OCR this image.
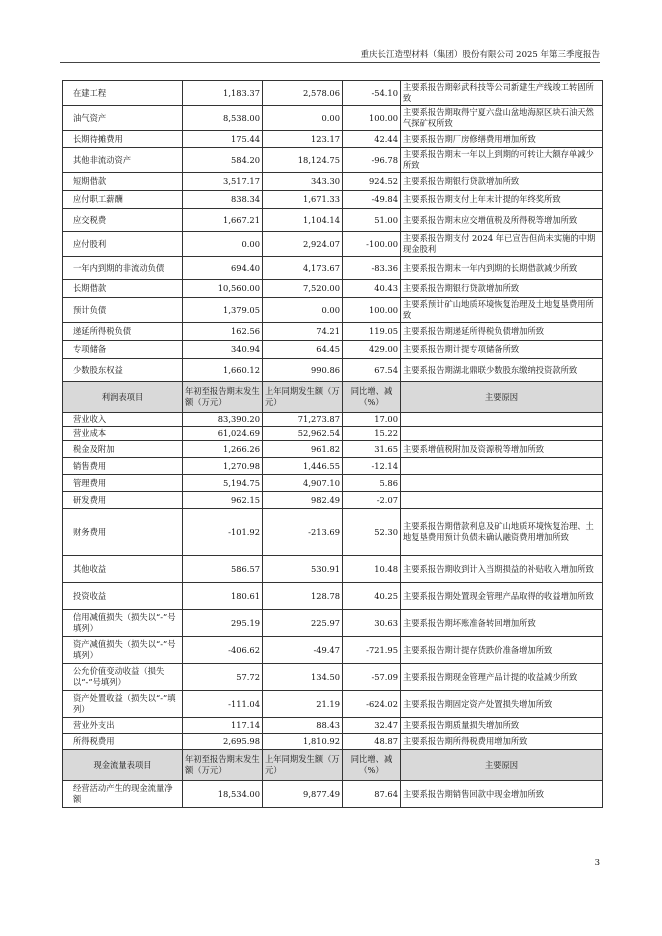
重庆长江造型材料（集团）股份有限公司 2025 年第三季度报告
在建工程	1,183.37	2,578.06	-54.10	主要系报告期彰武科技等公司新建生产线竣工转固所致
油气资产	8,538.00	0.00	100.00	主要系报告期取得宁夏六盘山盆地海原区块石油天然气探矿权所致
长期待摊费用	175.44	123.17	42.44	主要系报告期厂房修缮费用增加所致
其他非流动资产	584.20	18,124.75	-96.78	主要系报告期末一年以上到期的可转让大额存单减少所致
短期借款	3,517.17	343.30	924.52	主要系报告期银行贷款增加所致
应付职工薪酬	838.34	1,671.33	-49.84	主要系报告期支付上年末计提的年终奖所致
应交税费	1,667.21	1,104.14	51.00	主要系报告期末应交增值税及所得税等增加所致
应付股利	0.00	2,924.07	-100.00	主要系报告期支付 2024 年已宣告但尚未实施的中期现金股利
一年内到期的非流动负债	694.40	4,173.67	-83.36	主要系报告期末一年内到期的长期借款减少所致
长期借款	10,560.00	7,520.00	40.43	主要系报告期银行贷款增加所致
预计负债	1,379.05	0.00	100.00	主要系预计矿山地质环境恢复治理及土地复垦费用所致
递延所得税负债	162.56	74.21	119.05	主要系报告期递延所得税负债增加所致
专项储备	340.94	64.45	429.00	主要系报告期计提专项储备所致
少数股东权益	1,660.12	990.86	67.54	主要系报告期湖北鼎联少数股东缴纳投资款所致
利润表项目	年初至报告期末发生额（万元）	上年同期发生额（万元）	同比增、减（%）	主要原因
营业收入	83,390.20	71,273.87	17.00	
营业成本	61,024.69	52,962.54	15.22	
税金及附加	1,266.26	961.82	31.65	主要系增值税附加及资源税等增加所致
销售费用	1,270.98	1,446.55	-12.14	
管理费用	5,194.75	4,907.10	5.86	
研发费用	962.15	982.49	-2.07	
财务费用	-101.92	-213.69	52.30	主要系报告期借款利息及矿山地质环境恢复治理、土地复垦费用预计负债未确认融资费用增加所致
其他收益	586.57	530.91	10.48	主要系报告期收到计入当期损益的补贴收入增加所致
投资收益	180.61	128.78	40.25	主要系报告期处置现金管理产品取得的收益增加所致
信用减值损失（损失以“-”号填列）	295.19	225.97	30.63	主要系报告期坏账准备转回增加所致
资产减值损失（损失以“-”号填列）	-406.62	-49.47	-721.95	主要系报告期计提存货跌价准备增加所致
公允价值变动收益（损失以“-”号填列）	57.72	134.50	-57.09	主要系报告期现金管理产品计提的收益减少所致
资产处置收益（损失以“-”填列）	-111.04	21.19	-624.02	主要系报告期固定资产处置损失增加所致
营业外支出	117.14	88.43	32.47	主要系报告期质量损失增加所致
所得税费用	2,695.98	1,810.92	48.87	主要系报告期所得税费用增加所致
现金流量表项目	年初至报告期末发生额（万元）	上年同期发生额（万元）	同比增、减（%）	主要原因
经营活动产生的现金流量净额	18,534.00	9,877.49	87.64	主要系报告期销售回款中现金增加所致
3
